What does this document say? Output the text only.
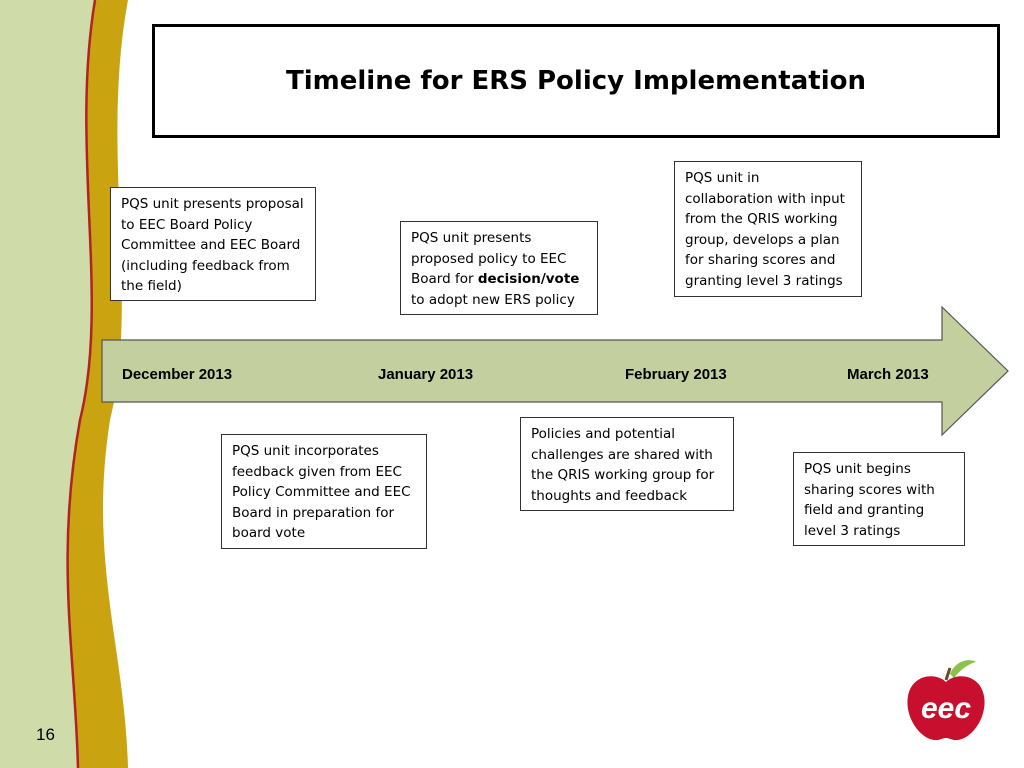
16
Timeline for ERS Policy Implementation
December 2013	January 2013	February 2013	March 2013
PQS unit presents proposal to EEC Board Policy Committee and EEC Board (including feedback from the field)
PQS unit presents proposed policy to EEC Board for decision/vote to adopt new ERS policy
PQS unit in collaboration with input from the QRIS working group, develops a plan for sharing scores and granting level 3 ratings
PQS unit incorporates feedback given from EEC Policy Committee and EEC Board in preparation for board vote
Policies and potential challenges are shared with the QRIS working group for thoughts and feedback
PQS unit begins sharing scores with field and granting level 3 ratings
eec
